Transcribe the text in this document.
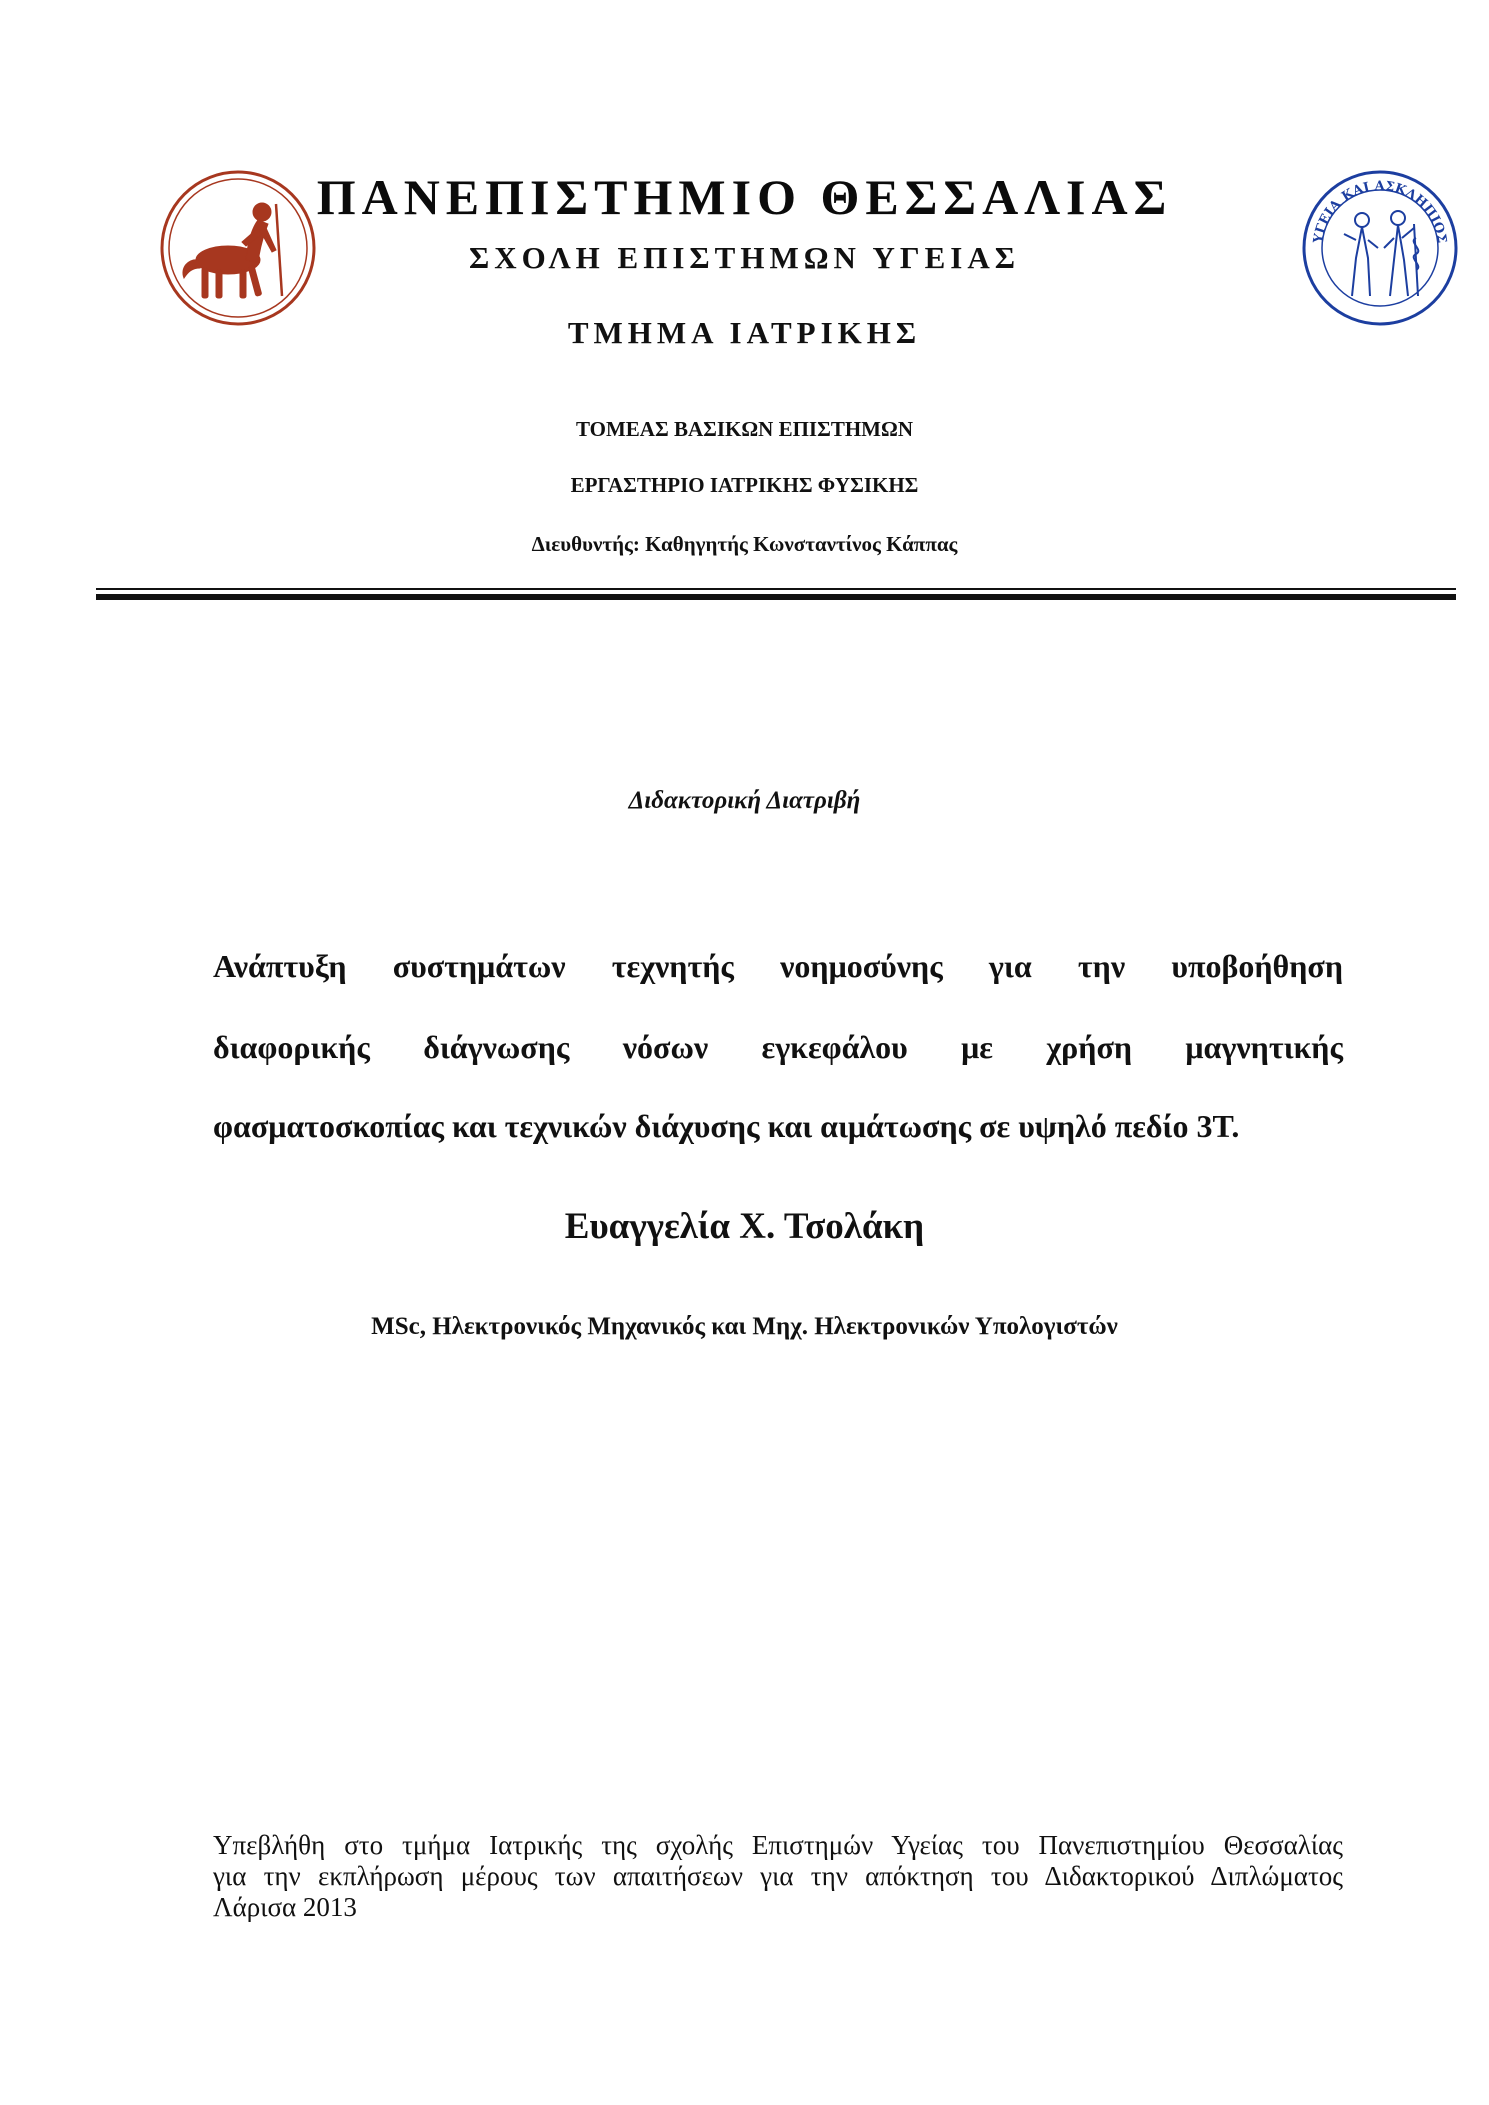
ΥΓΕΙΑ ΚΑΙ ΑΣΚΛΗΠΙΟΣ
ΠΑΝΕΠΙΣΤΗΜΙΟ ΘΕΣΣΑΛΙΑΣ
ΣΧΟΛΗ ΕΠΙΣΤΗΜΩΝ ΥΓΕΙΑΣ
ΤΜΗΜΑ ΙΑΤΡΙΚΗΣ
ΤΟΜΕΑΣ ΒΑΣΙΚΩΝ ΕΠΙΣΤΗΜΩΝ
ΕΡΓΑΣΤΗΡΙΟ ΙΑΤΡΙΚΗΣ ΦΥΣΙΚΗΣ
Διευθυντής: Καθηγητής Κωνσταντίνος Κάππας
Διδακτορική Διατριβή
Ανάπτυξη συστημάτων τεχνητής νοημοσύνης για την υποβοήθηση
διαφορικής διάγνωσης νόσων εγκεφάλου με χρήση μαγνητικής
φασματοσκοπίας και τεχνικών διάχυσης και αιμάτωσης σε υψηλό πεδίο 3Τ.
Ευαγγελία Χ. Τσολάκη
MSc, Ηλεκτρονικός Μηχανικός και Μηχ. Ηλεκτρονικών Υπολογιστών
Υπεβλήθη στο τμήμα Ιατρικής της σχολής Επιστημών Υγείας του Πανεπιστημίου Θεσσαλίας
για την εκπλήρωση μέρους των απαιτήσεων για την απόκτηση του Διδακτορικού Διπλώματος
Λάρισα 2013
